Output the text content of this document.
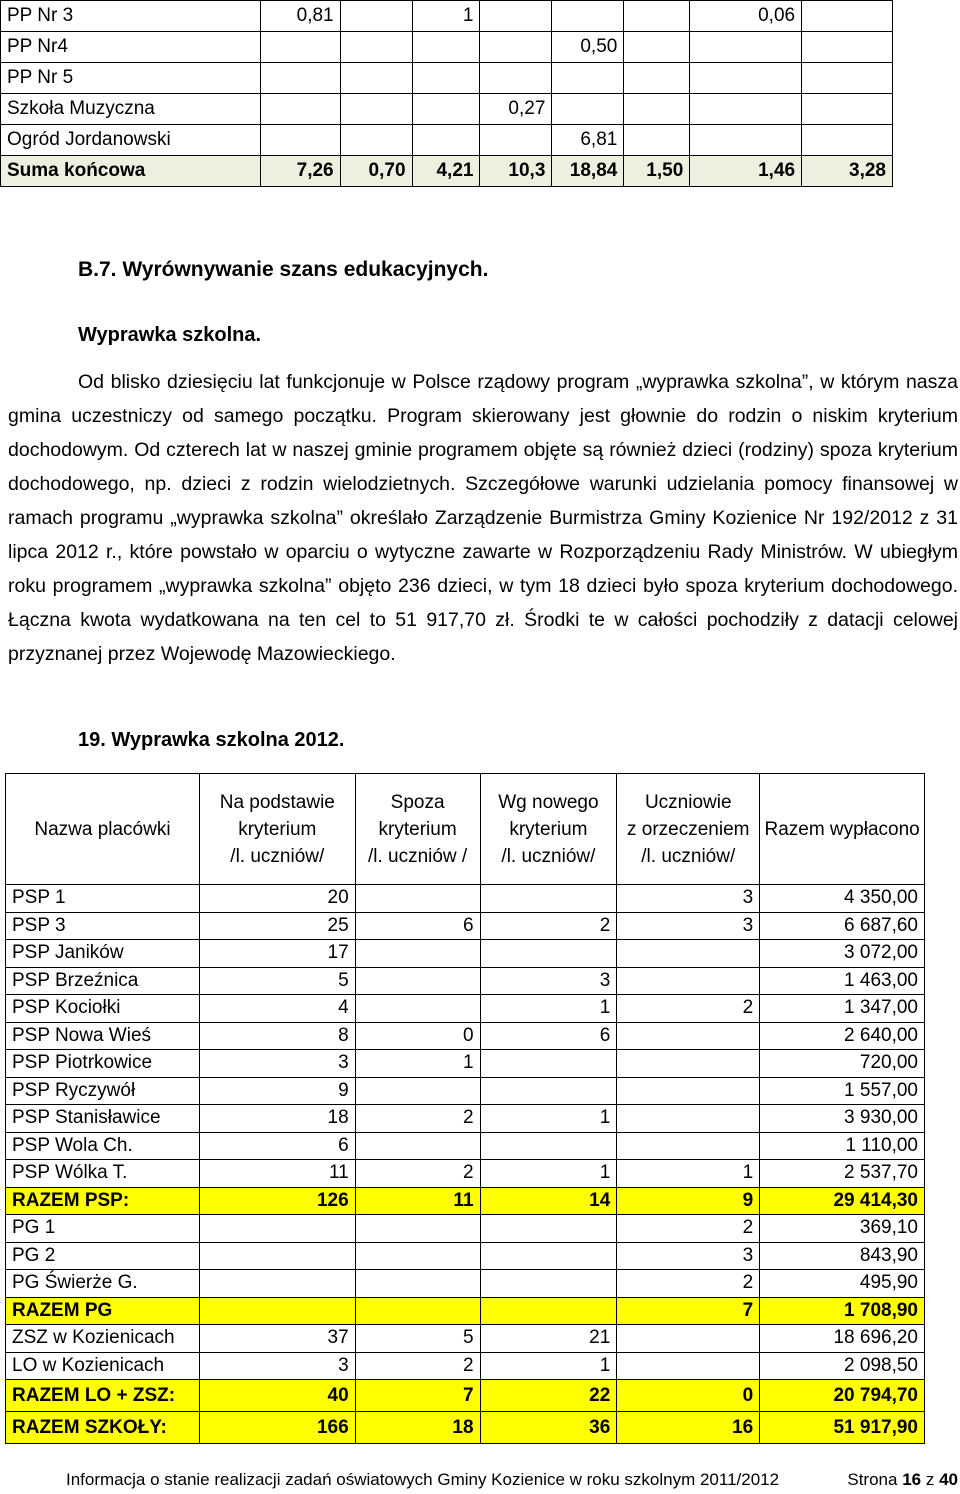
PP Nr 3	0,81		1				0,06	
PP Nr4					0,50			
PP Nr 5								
Szkoła Muzyczna				0,27				
Ogród Jordanowski					6,81			
Suma końcowa	7,26	0,70	4,21	10,3	18,84	1,50	1,46	3,28
B.7. Wyrównywanie szans edukacyjnych.
Wyprawka szkolna.

Od blisko dziesięciu lat funkcjonuje w Polsce rządowy program „wyprawka szkolna”, w którym nasza gmina uczestniczy od samego początku. Program skierowany jest głownie do rodzin o niskim kryterium dochodowym. Od czterech lat w naszej gminie programem objęte są również dzieci (rodziny) spoza kryterium dochodowego, np. dzieci z rodzin wielodzietnych. Szczegółowe warunki udzielania pomocy finansowej w ramach programu „wyprawka szkolna” określało Zarządzenie Burmistrza Gminy Kozienice Nr 192/2012 z 31 lipca 2012 r., które powstało w oparciu o wytyczne zawarte w Rozporządzeniu Rady Ministrów. W ubiegłym roku programem „wyprawka szkolna” objęto 236 dzieci, w tym 18 dzieci było spoza kryterium dochodowego. Łączna kwota wydatkowana na ten cel to 51 917,70 zł. Środki te w całości pochodziły z datacji celowej przyznanej przez Wojewodę Mazowieckiego.

19. Wyprawka szkolna 2012.
Nazwa placówki	Na podstawie
kryterium
/l. uczniów/	Spoza
kryterium
/l. uczniów /	Wg nowego
kryterium
/l. uczniów/	Uczniowie
z orzeczeniem
/l. uczniów/	Razem wypłacono
PSP 1	20			3	4 350,00
PSP 3	25	6	2	3	6 687,60
PSP Janików	17				3 072,00
PSP Brzeźnica	5		3		1 463,00
PSP Kociołki	4		1	2	1 347,00
PSP Nowa Wieś	8	0	6		2 640,00
PSP Piotrkowice	3	1			720,00
PSP Ryczywół	9				1 557,00
PSP Stanisławice	18	2	1		3 930,00
PSP Wola Ch.	6				1 110,00
PSP Wólka T.	11	2	1	1	2 537,70
RAZEM PSP:	126	11	14	9	29 414,30
PG 1				2	369,10
PG 2				3	843,90
PG Świerże G.				2	495,90
RAZEM PG				7	1 708,90
ZSZ w Kozienicach	37	5	21		18 696,20
LO w Kozienicach	3	2	1		2 098,50
RAZEM LO + ZSZ:	40	7	22	0	20 794,70
RAZEM SZKOŁY:	166	18	36	16	51 917,90
Informacja o stanie realizacji zadań oświatowych Gminy Kozienice w roku szkolnym 2011/2012	Strona 16 z 40
